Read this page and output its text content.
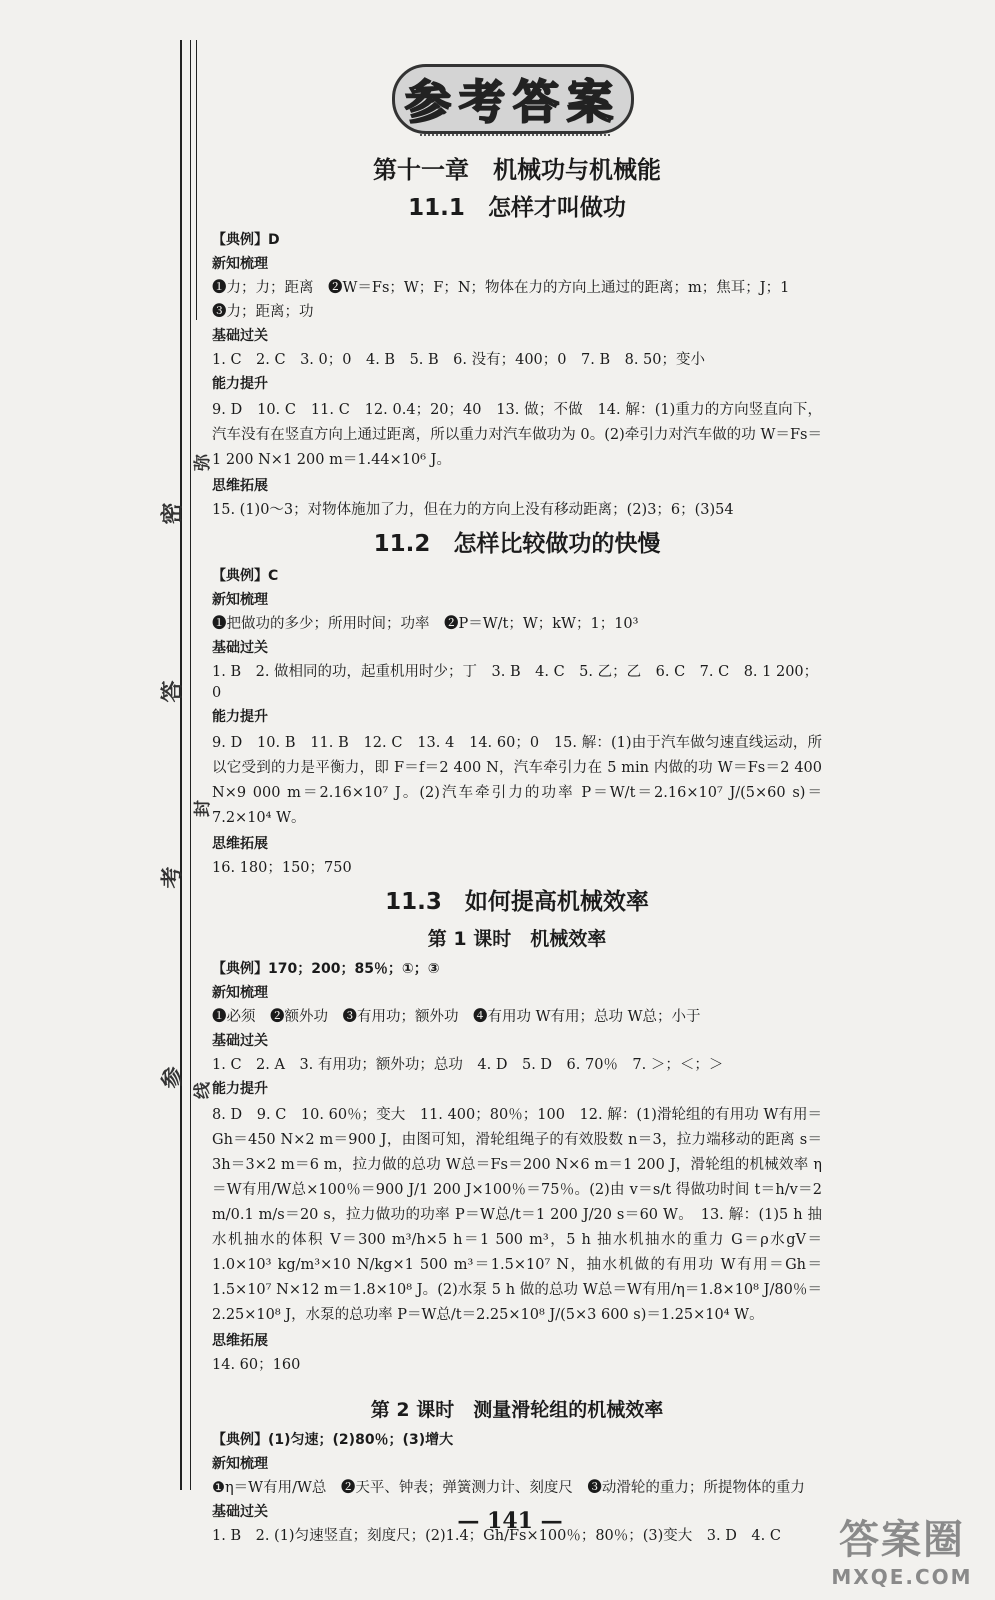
弥
密
答
封
考
参
线
参考答案
第十一章　机械功与机械能
11.1　怎样才叫做功
【典例】D
新知梳理
❶力；力；距离　❷W＝Fs；W；F；N；物体在力的方向上通过的距离；m；焦耳；J；1
❸力；距离；功
基础过关
1. C　2. C　3. 0；0　4. B　5. B　6. 没有；400；0　7. B　8. 50；变小
能力提升
9. D　10. C　11. C　12. 0.4；20；40　13. 做；不做　14. 解：(1)重力的方向竖直向下，汽车没有在竖直方向上通过距离，所以重力对汽车做功为 0。(2)牵引力对汽车做的功 W＝Fs＝1 200 N×1 200 m＝1.44×10⁶ J。
思维拓展
15. (1)0～3；对物体施加了力，但在力的方向上没有移动距离；(2)3；6；(3)54
11.2　怎样比较做功的快慢
【典例】C
新知梳理
❶把做功的多少；所用时间；功率　❷P＝W/t；W；kW；1；10³
基础过关
1. B　2. 做相同的功，起重机用时少；丁　3. B　4. C　5. 乙；乙　6. C　7. C　8. 1 200；0
能力提升
9. D　10. B　11. B　12. C　13. 4　14. 60；0　15. 解：(1)由于汽车做匀速直线运动，所以它受到的力是平衡力，即 F＝f＝2 400 N，汽车牵引力在 5 min 内做的功 W＝Fs＝2 400 N×9 000 m＝2.16×10⁷ J。(2)汽车牵引力的功率 P＝W/t＝2.16×10⁷ J/(5×60 s)＝7.2×10⁴ W。
思维拓展
16. 180；150；750
11.3　如何提高机械效率
第 1 课时　机械效率
【典例】170；200；85％；①；③
新知梳理
❶必须　❷额外功　❸有用功；额外功　❹有用功 W有用；总功 W总；小于
基础过关
1. C　2. A　3. 有用功；额外功；总功　4. D　5. D　6. 70％　7. ＞；＜；＞
能力提升
8. D　9. C　10. 60％；变大　11. 400；80％；100　12. 解：(1)滑轮组的有用功 W有用＝Gh＝450 N×2 m＝900 J，由图可知，滑轮组绳子的有效股数 n＝3，拉力端移动的距离 s＝3h＝3×2 m＝6 m，拉力做的总功 W总＝Fs＝200 N×6 m＝1 200 J，滑轮组的机械效率 η＝W有用/W总×100％＝900 J/1 200 J×100％＝75％。(2)由 v＝s/t 得做功时间 t＝h/v＝2 m/0.1 m/s＝20 s，拉力做功的功率 P＝W总/t＝1 200 J/20 s＝60 W。　13. 解：(1)5 h 抽水机抽水的体积 V＝300 m³/h×5 h＝1 500 m³，5 h 抽水机抽水的重力 G＝ρ水gV＝1.0×10³ kg/m³×10 N/kg×1 500 m³＝1.5×10⁷ N，抽水机做的有用功 W有用＝Gh＝1.5×10⁷ N×12 m＝1.8×10⁸ J。(2)水泵 5 h 做的总功 W总＝W有用/η＝1.8×10⁸ J/80％＝2.25×10⁸ J，水泵的总功率 P＝W总/t＝2.25×10⁸ J/(5×3 600 s)＝1.25×10⁴ W。
思维拓展
14. 60；160
第 2 课时　测量滑轮组的机械效率
【典例】(1)匀速；(2)80％；(3)增大
新知梳理
❶η＝W有用/W总　❷天平、钟表；弹簧测力计、刻度尺　❸动滑轮的重力；所提物体的重力
基础过关
1. B　2. (1)匀速竖直；刻度尺；(2)1.4；Gh/Fs×100％；80％；(3)变大　3. D　4. C
— 141 —	答案圈
MXQE.COM
